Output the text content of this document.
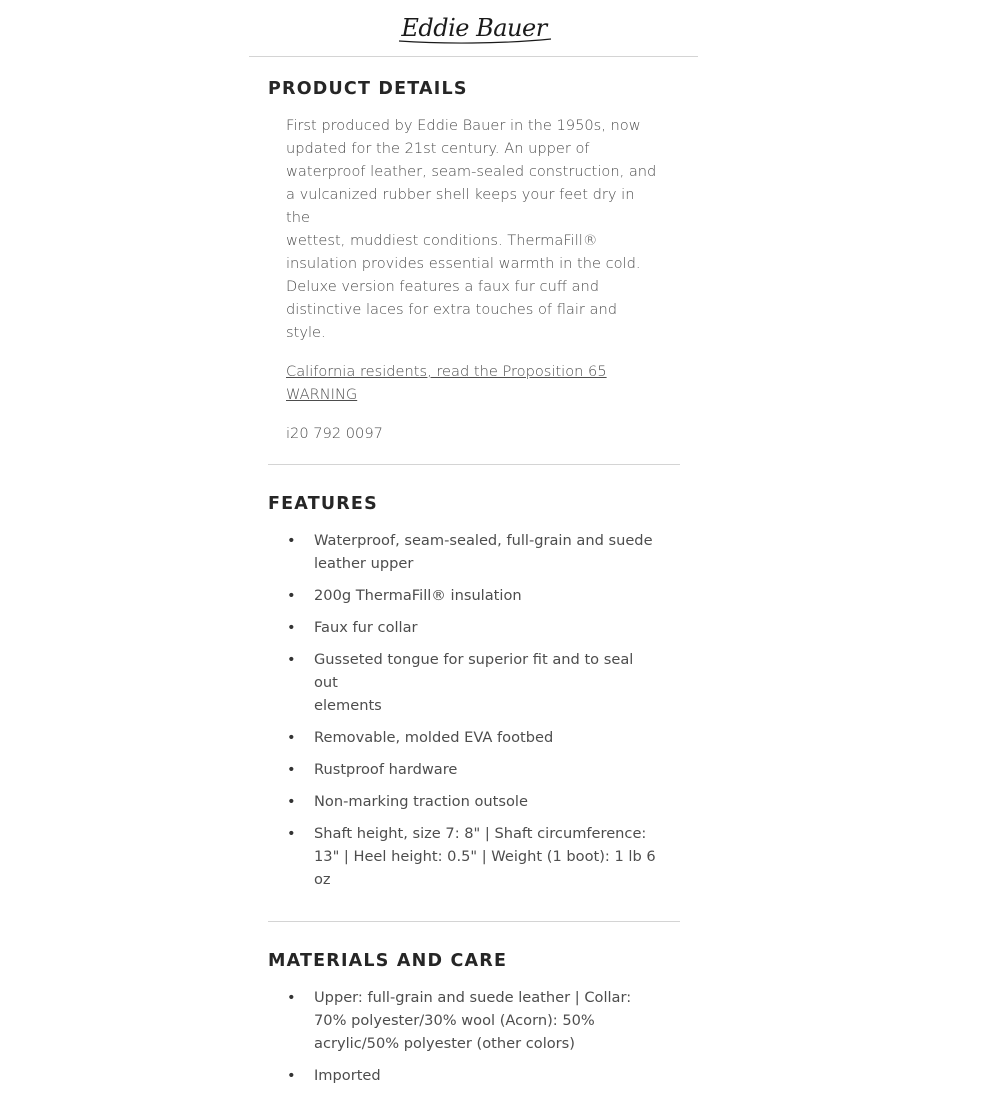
Eddie Bauer
PRODUCT DETAILS

First produced by Eddie Bauer in the 1950s, now
updated for the 21st century. An upper of
waterproof leather, seam-sealed construction, and
a vulcanized rubber shell keeps your feet dry in the
wettest, muddiest conditions. ThermaFill®
insulation provides essential warmth in the cold.
Deluxe version features a faux fur cuff and
distinctive laces for extra touches of flair and style.

California residents, read the Proposition 65
WARNING

i20 792 0097

FEATURES
• Waterproof, seam-sealed, full-grain and suede
leather upper
• 200g ThermaFill® insulation
• Faux fur collar
• Gusseted tongue for superior fit and to seal out
elements
• Removable, molded EVA footbed
• Rustproof hardware
• Non-marking traction outsole
• Shaft height, size 7: 8" | Shaft circumference:
13" | Heel height: 0.5" | Weight (1 boot): 1 lb 6 oz
MATERIALS AND CARE
• Upper: full-grain and suede leather | Collar:
70% polyester/30% wool (Acorn): 50%
acrylic/50% polyester (other colors)
• Imported
